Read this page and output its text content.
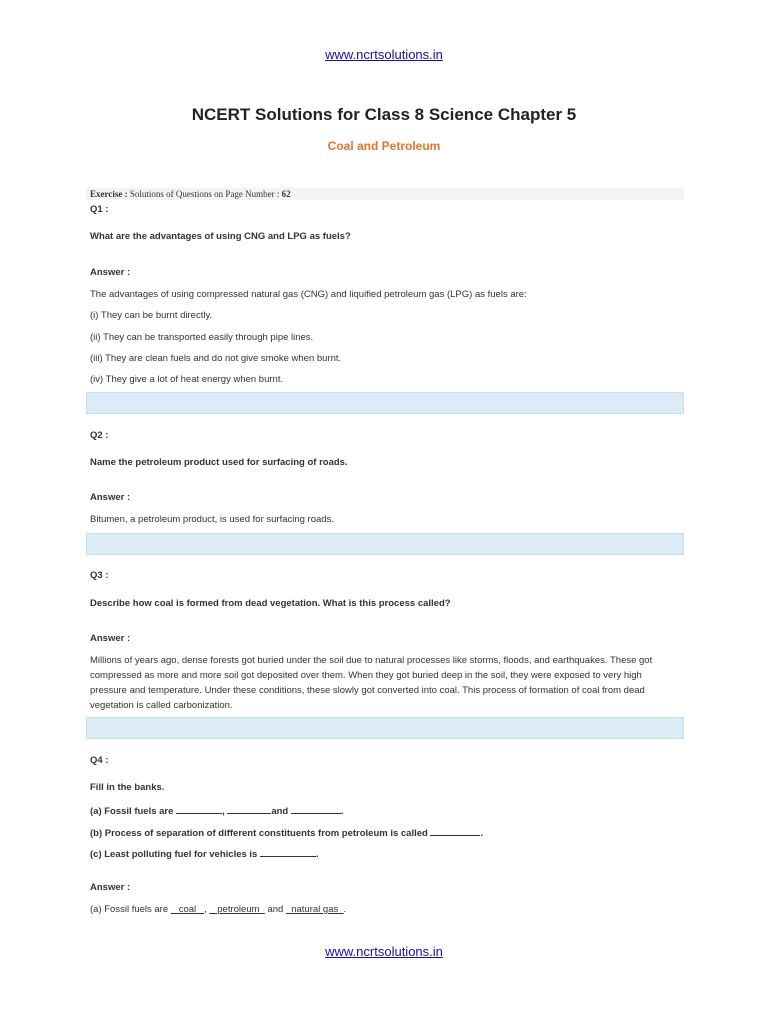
www.ncrtsolutions.in
NCERT Solutions for Class 8 Science Chapter 5
Coal and Petroleum
Exercise : Solutions of Questions on Page Number : 62
Q1 :
What are the advantages of using CNG and LPG as fuels?
Answer :
The advantages of using compressed natural gas (CNG) and liquified petroleum gas (LPG) as fuels are:
(i) They can be burnt directly.
(ii) They can be transported easily through pipe lines.
(iii) They are clean fuels and do not give smoke when burnt.
(iv) They give a lot of heat energy when burnt.
Q2 :
Name the petroleum product used for surfacing of roads.
Answer :
Bitumen, a petroleum product, is used for surfacing roads.
Q3 :
Describe how coal is formed from dead vegetation. What is this process called?
Answer :
Millions of years ago, dense forests got buried under the soil due to natural processes like storms, floods, and earthquakes. These got compressed as more and more soil got deposited over them. When they got buried deep in the soil, they were exposed to very high pressure and temperature. Under these conditions, these slowly got converted into coal. This process of formation of coal from dead vegetation is called carbonization.
Q4 :
Fill in the banks.
(a) Fossil fuels are	,	and	.
(b) Process of separation of different constituents from petroleum is called	.
(c) Least polluting fuel for vehicles is	.
Answer :
(a) Fossil fuels are    coal ,    petroleum and   natural gas .
www.ncrtsolutions.in
